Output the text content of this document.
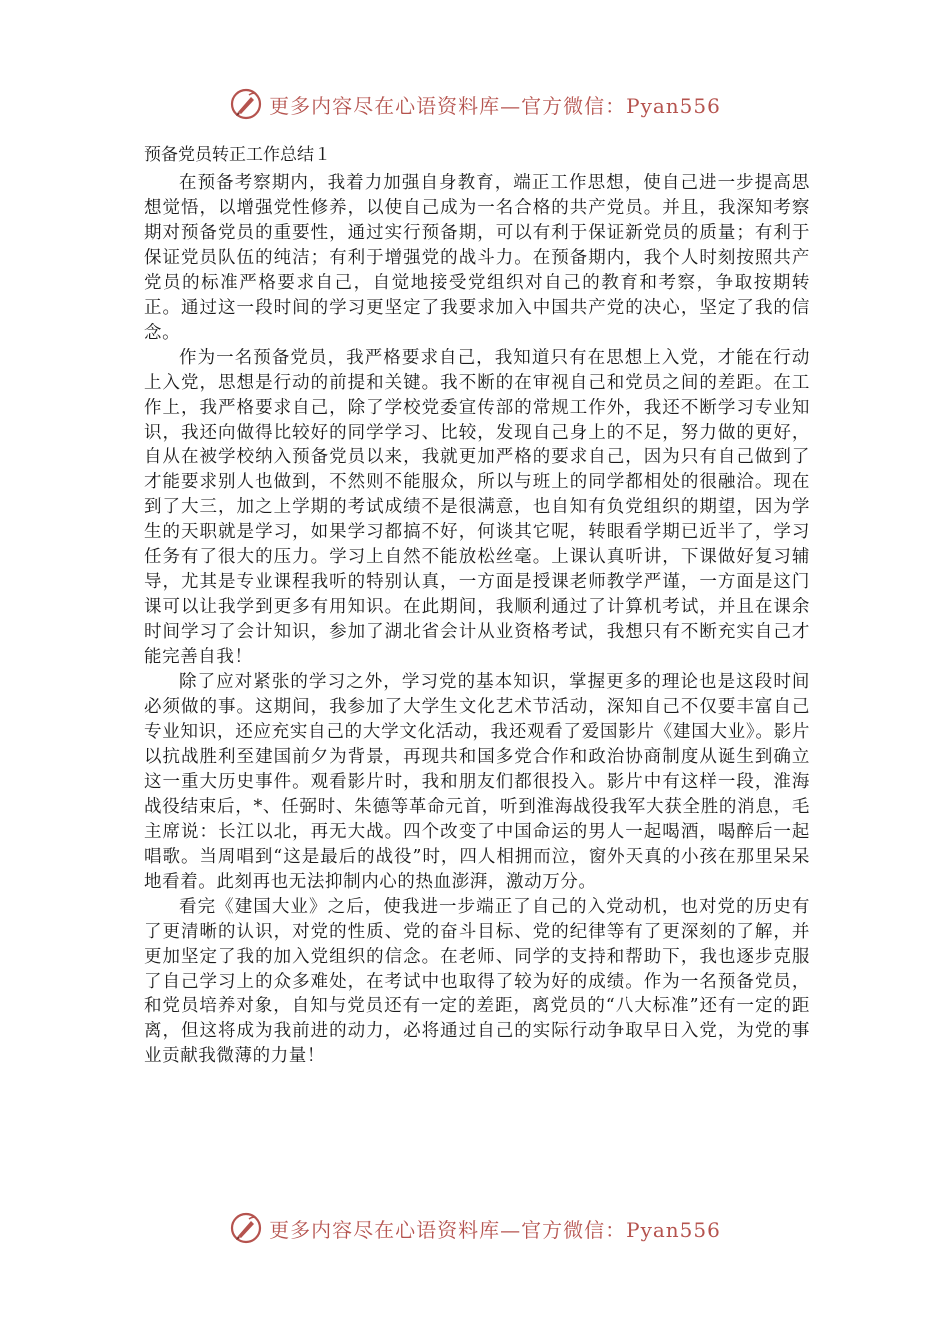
更多内容尽在心语资料库—官方微信：Pyan556
预备党员转正工作总结１

在预备考察期内，我着力加强自身教育，端正工作思想，使自己进一步提高思想觉悟，以增强党性修养，以使自己成为一名合格的共产党员。并且，我深知考察期对预备党员的重要性，通过实行预备期，可以有利于保证新党员的质量；有利于保证党员队伍的纯洁；有利于增强党的战斗力。在预备期内，我个人时刻按照共产党员的标准严格要求自己，自觉地接受党组织对自己的教育和考察，争取按期转正。通过这一段时间的学习更坚定了我要求加入中国共产党的决心，坚定了我的信念。

作为一名预备党员，我严格要求自己，我知道只有在思想上入党，才能在行动上入党，思想是行动的前提和关键。我不断的在审视自己和党员之间的差距。在工作上，我严格要求自己，除了学校党委宣传部的常规工作外，我还不断学习专业知识，我还向做得比较好的同学学习、比较，发现自己身上的不足，努力做的更好，自从在被学校纳入预备党员以来，我就更加严格的要求自己，因为只有自己做到了才能要求别人也做到，不然则不能服众，所以与班上的同学都相处的很融洽。现在到了大三，加之上学期的考试成绩不是很满意，也自知有负党组织的期望，因为学生的天职就是学习，如果学习都搞不好，何谈其它呢，转眼看学期已近半了，学习任务有了很大的压力。学习上自然不能放松丝毫。上课认真听讲，下课做好复习辅导，尤其是专业课程我听的特别认真，一方面是授课老师教学严谨，一方面是这门课可以让我学到更多有用知识。在此期间，我顺利通过了计算机考试，并且在课余时间学习了会计知识，参加了湖北省会计从业资格考试，我想只有不断充实自己才能完善自我！

除了应对紧张的学习之外，学习党的基本知识，掌握更多的理论也是这段时间必须做的事。这期间，我参加了大学生文化艺术节活动，深知自己不仅要丰富自己专业知识，还应充实自己的大学文化活动，我还观看了爱国影片《建国大业》。影片以抗战胜利至建国前夕为背景，再现共和国多党合作和政治协商制度从诞生到确立这一重大历史事件。观看影片时，我和朋友们都很投入。影片中有这样一段，淮海战役结束后，*、任弼时、朱德等革命元首，听到淮海战役我军大获全胜的消息，毛主席说：长江以北，再无大战。四个改变了中国命运的男人一起喝酒，喝醉后一起唱歌。当周唱到“这是最后的战役”时，四人相拥而泣，窗外天真的小孩在那里呆呆地看着。此刻再也无法抑制内心的热血澎湃，激动万分。

看完《建国大业》之后，使我进一步端正了自己的入党动机，也对党的历史有了更清晰的认识，对党的性质、党的奋斗目标、党的纪律等有了更深刻的了解，并更加坚定了我的加入党组织的信念。在老师、同学的支持和帮助下，我也逐步克服了自己学习上的众多难处，在考试中也取得了较为好的成绩。作为一名预备党员，和党员培养对象，自知与党员还有一定的差距，离党员的“八大标准”还有一定的距离，但这将成为我前进的动力，必将通过自己的实际行动争取早日入党，为党的事业贡献我微薄的力量！

更多内容尽在心语资料库—官方微信：Pyan556
